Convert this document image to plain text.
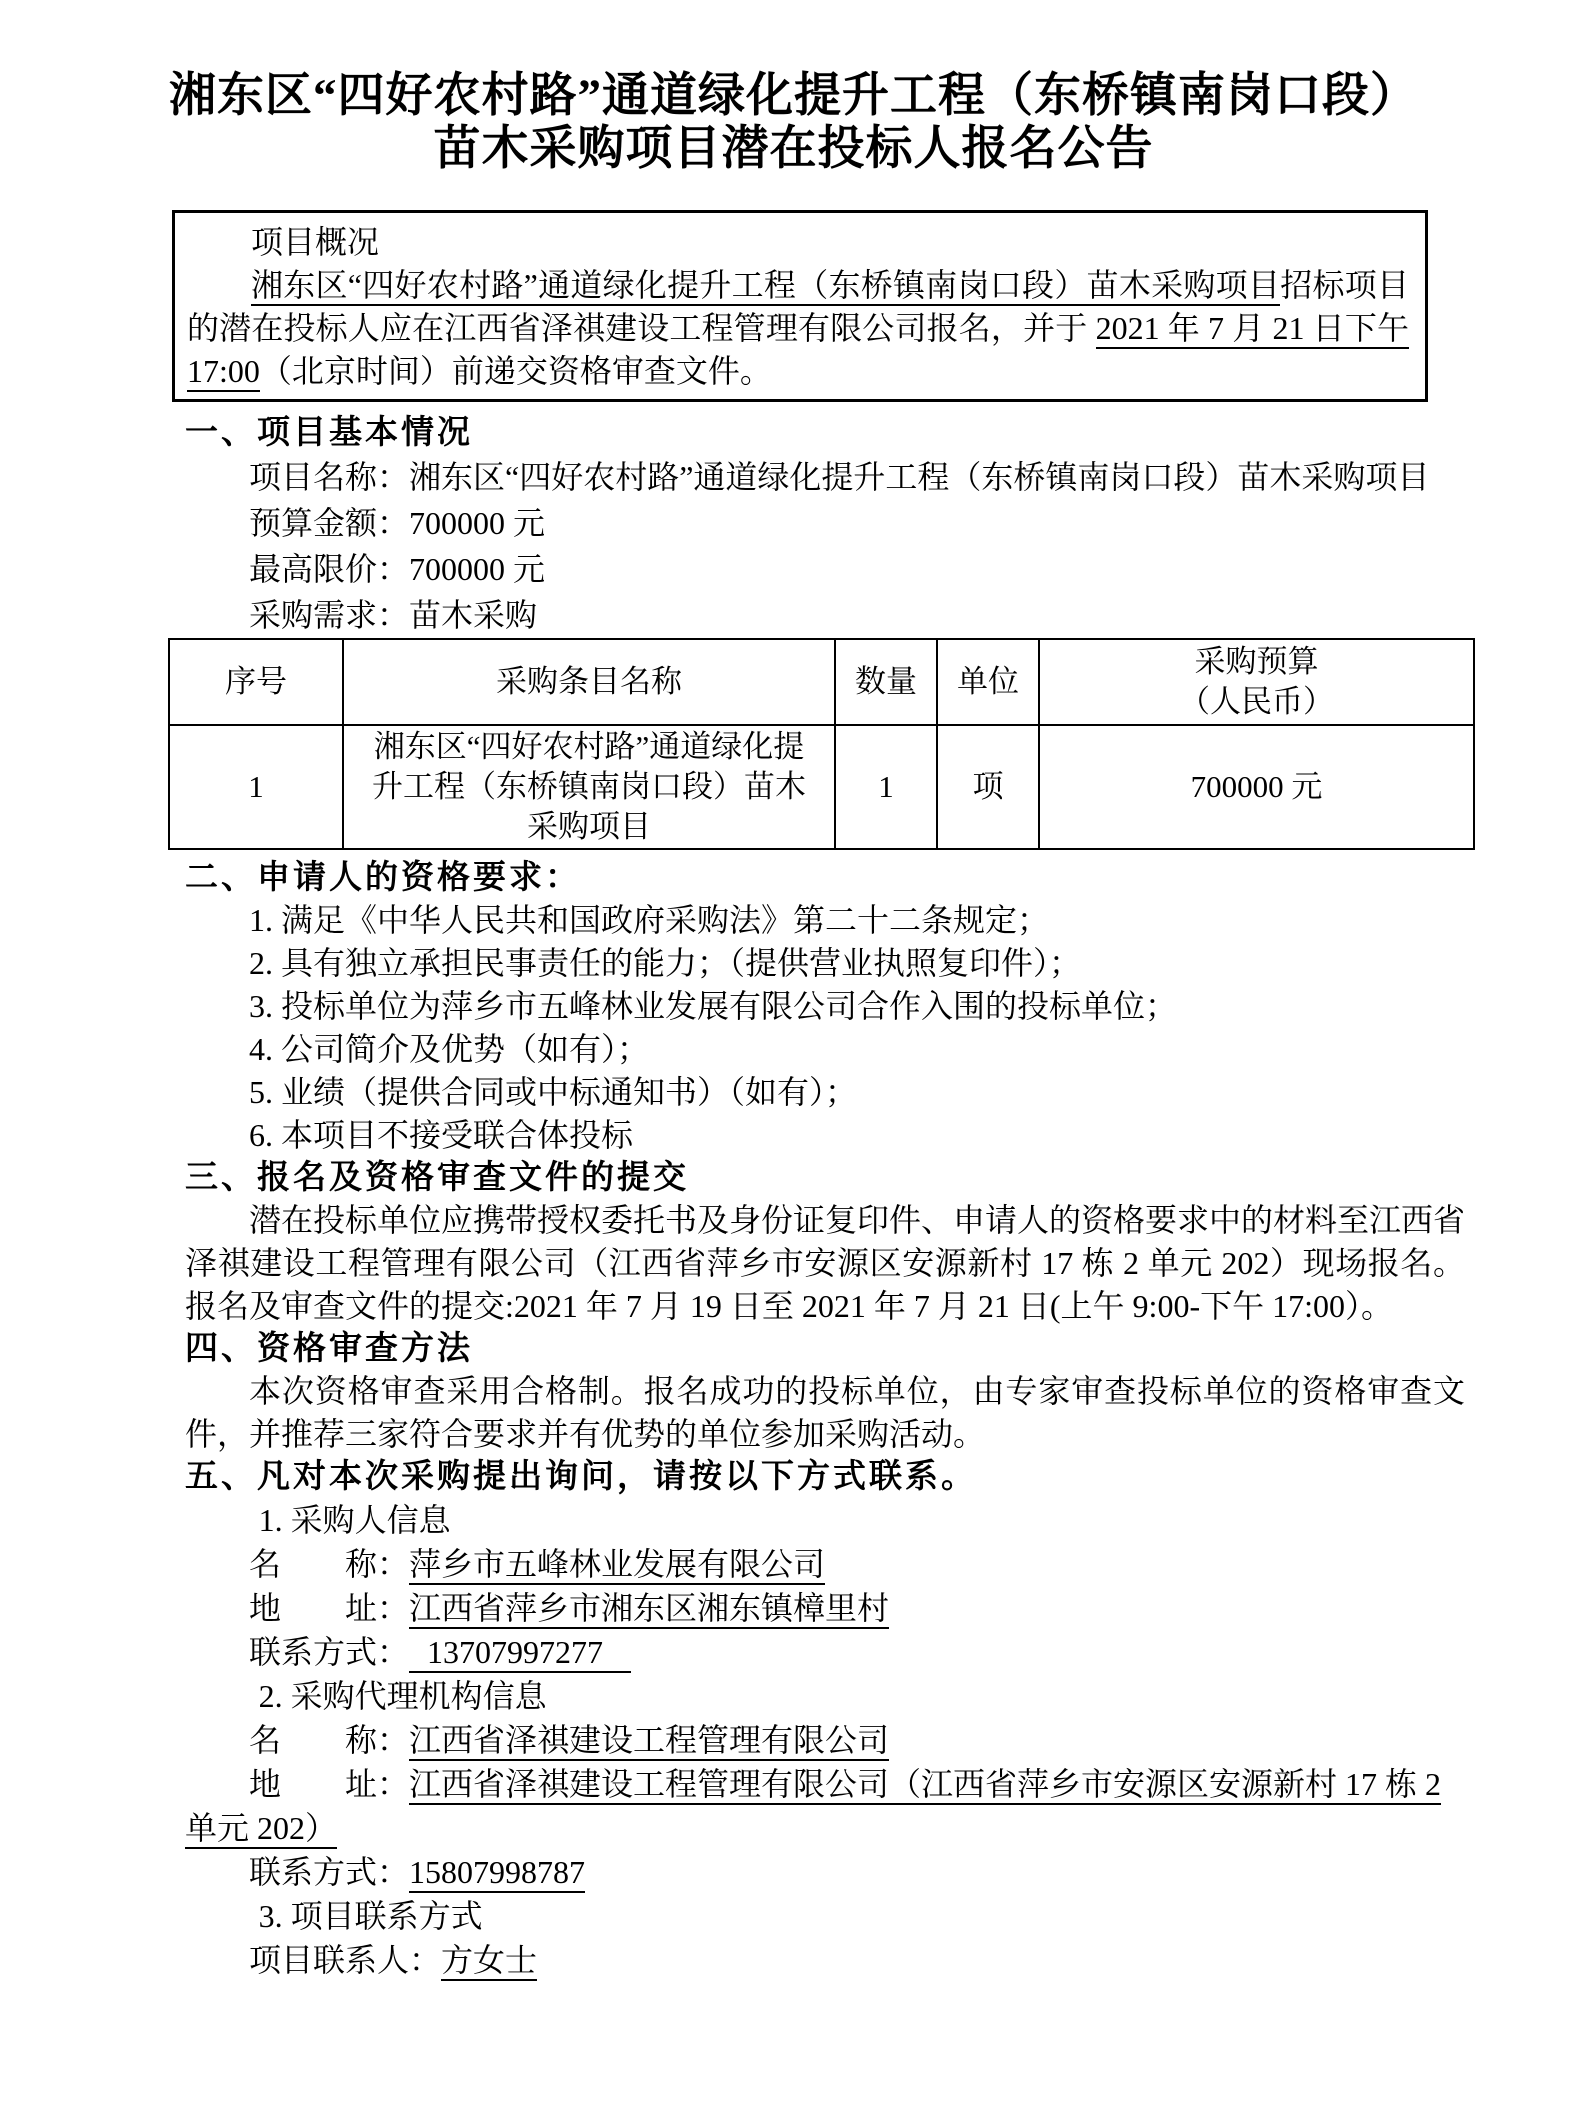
湘东区“四好农村路”通道绿化提升工程（东桥镇南岗口段）
苗木采购项目潜在投标人报名公告

项目概况

湘东区“四好农村路”通道绿化提升工程（东桥镇南岗口段）苗木采购项目招标项目的潜在投标人应在江西省泽祺建设工程管理有限公司报名，并于 2021 年 7 月 21 日下午 17:00（北京时间）前递交资格审查文件。

一、项目基本情况

项目名称：湘东区“四好农村路”通道绿化提升工程（东桥镇南岗口段）苗木采购项目

预算金额：700000 元

最高限价：700000 元

采购需求：苗木采购

序号	采购条目名称	数量	单位	采购预算
（人民币）

1	湘东区“四好农村路”通道绿化提升工程（东桥镇南岗口段）苗木采购项目	1	项	700000 元
二、申请人的资格要求：

1. 满足《中华人民共和国政府采购法》第二十二条规定；

2. 具有独立承担民事责任的能力；（提供营业执照复印件）；

3. 投标单位为萍乡市五峰林业发展有限公司合作入围的投标单位；

4. 公司简介及优势（如有）；

5. 业绩（提供合同或中标通知书）（如有）；

6. 本项目不接受联合体投标

三、报名及资格审查文件的提交

潜在投标单位应携带授权委托书及身份证复印件、申请人的资格要求中的材料至江西省泽祺建设工程管理有限公司（江西省萍乡市安源区安源新村 17 栋 2 单元 202）现场报名。报名及审查文件的提交:2021 年 7 月 19 日至 2021 年 7 月 21 日(上午 9:00-下午 17:00）。

四、资格审查方法

本次资格审查采用合格制。报名成功的投标单位，由专家审查投标单位的资格审查文件，并推荐三家符合要求并有优势的单位参加采购活动。

五、凡对本次采购提出询问，请按以下方式联系。

1. 采购人信息

名　　称：萍乡市五峰林业发展有限公司

地　　址：江西省萍乡市湘东区湘东镇樟里村

联系方式： 13707997277

2. 采购代理机构信息

名　　称：江西省泽祺建设工程管理有限公司

地　　址：江西省泽祺建设工程管理有限公司（江西省萍乡市安源区安源新村 17 栋 2 单元 202）

联系方式：15807998787

3. 项目联系方式

项目联系人：方女士
